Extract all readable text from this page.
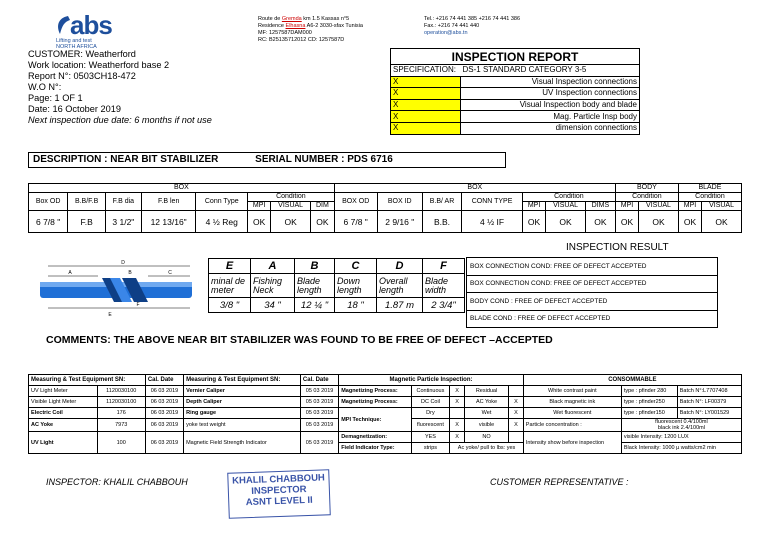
abs
Lifting and test
NORTH AFRICA
Route de Gremda km 1.5 Kassas n°5
Residence Elhasna A6-2 3030-sfax Tunisia
MF: 1257587DAM000
RC: B25135712012 CD: 1257587D
Tel.: +216 74 441 385 +216 74 441 386
Fax.: +216 74 441 440
operation@abs.tn
CUSTOMER: Weatherford
Work location: Weatherford base 2
Report N°: 0503CH18-472
W.O N°:
Page: 1 OF 1
Date: 16 October 2019
Next inspection due date: 6 months if not use
INSPECTION REPORT	
SPECIFICATION:	DS-1 STANDARD CATEGORY 3-5
X	Visual Inspection connections
X	UV Inspection connections
X	Visual Inspection body and blade
X	Mag. Particle Insp body
X	dimension connections
DESCRIPTION : NEAR BIT STABILIZER	SERIAL NUMBER : PDS 6716
BOX								BOX							BODY		BLADE	
Box OD	B.B/F.B	F.B dia	F.B len	Conn Type	Condition			BOX OD	BOX ID	B.B/ AR	CONN TYPE	Condition			Condition		Condition	
					MPI	VISUAL	DIM					MPI	VISUAL	DIMS	MPI	VISUAL	MPI	VISUAL
6 7/8 "	F.B	3 1/2"	12 13/16"	4 ½ Reg	OK	OK	OK	6 7/8 "	2 9/16 "	B.B.	4 ½ IF	OK	OK	OK	OK	OK	OK	OK
INSPECTION RESULT
D
A	B	C
E
F
E	A	B	C	D	F
minal de meter	Fishing Neck	Blade length	Down length	Overall length	Blade width
3/8 "	34 "	12 ¼ "	18 "	1.87 m	2 3/4"
BOX CONNECTION COND: FREE OF DEFECT ACCEPTED
BOX CONNECTION COND: FREE OF DEFECT ACCEPTED
BODY COND : FREE OF DEFECT ACCEPTED
BLADE COND : FREE OF DEFECT ACCEPTED
COMMENTS: THE ABOVE NEAR BIT STABILIZER WAS FOUND TO BE FREE OF DEFECT –ACCEPTED
Measuring & Test Equipment SN:		Cal. Date	Measuring & Test Equipment SN:	Cal. Date	Magnetic Particle Inspection:					CONSOMMABLE		
UV Light Meter	1120030100	06 03 2019	Vernier Caliper	05 03 2019	Magnetizing Process:	Continuous	X	Residual		White contrast paint	type : pfinder 280	Batch N°:L7707408
Visible Light Meter	1120030100	06 03 2019	Depth Caliper	05 03 2019	Magnetizing Process:	DC Coil	X	AC Yoke	X	Black magnetic ink	type : pfinder250	Batch N°: LF00379
Electric Coil	176	06 03 2019	Ring gauge	05 03 2019	MPI Technique:	Dry		Wet	X	Wet fluorescent	type : pfinder150	Batch N°: LY001529
AC Yoke	7973	06 03 2019	yoke test weight	05 03 2019		fluorescent	X	visible	X	Particle concentration :	fluorescent 0.4/100ml
black ink 2.4/100ml	

UV Light	100	06 03 2019	Magnetic Field Strength Indicator	05 03 2019	Demagnetization:	YES	X	NO		Intensity show before inspection	visible Intensity: 1200 LUX	
					Field Indicator Type:	strips	Ac yoke/ pull to lbs: yes				Black Intensity: 1000 µ watts/cm2 min	
INSPECTOR: KHALIL CHABBOUH	KHALIL CHABBOUH
INSPECTOR
ASNT LEVEL II
CUSTOMER REPRESENTATIVE :
